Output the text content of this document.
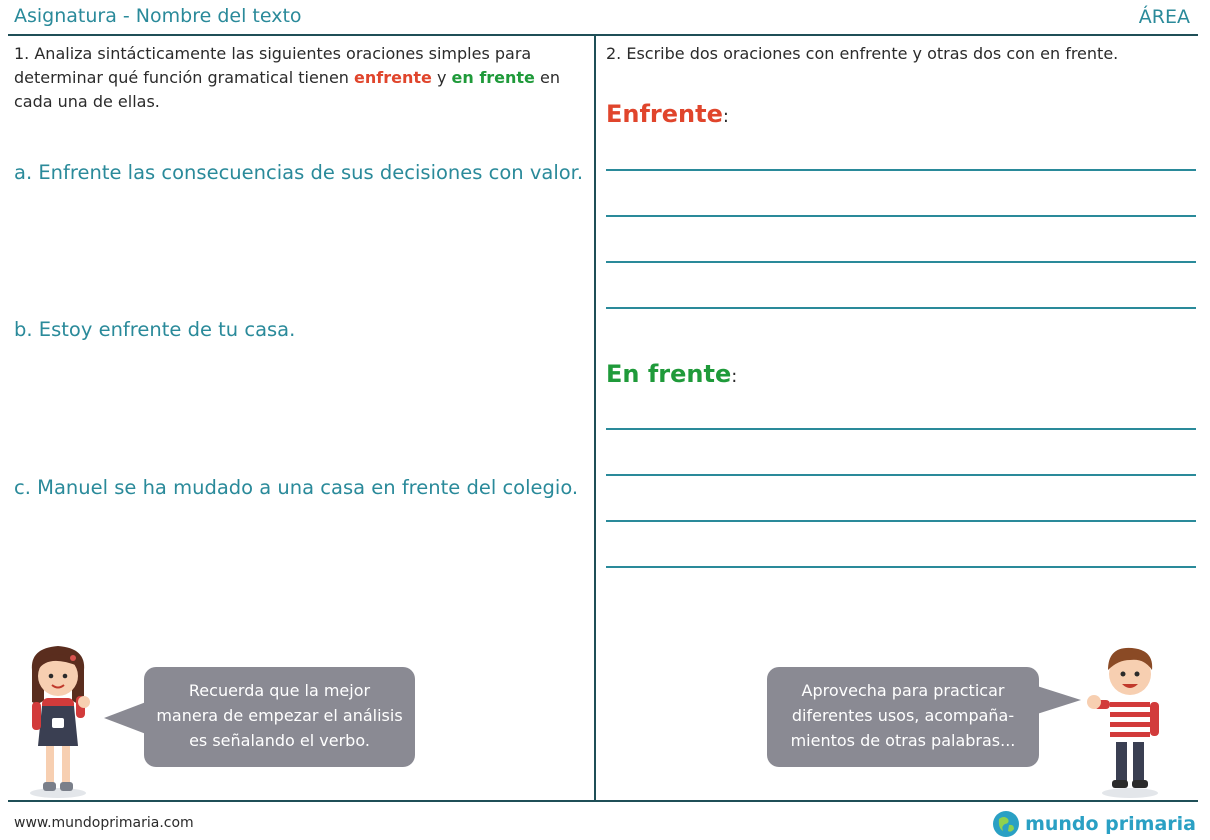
Asignatura - Nombre del texto	ÁREA
1. Analiza sintácticamente las siguientes oraciones simples para determinar qué función gramatical tienen enfrente y en frente en cada una de ellas.
a. Enfrente las consecuencias de sus decisiones con valor.
b. Estoy enfrente de tu casa.
c. Manuel se ha mudado a una casa en frente del colegio.
Recuerda que la mejor manera de empezar el análisis es señalando el verbo.
2. Escribe dos oraciones con enfrente y otras dos con en frente.
Enfrente:
En frente:
Aprovecha para practicar diferentes usos, acompaña-mientos de otras palabras...
www.mundoprimaria.com	mundo primaria
